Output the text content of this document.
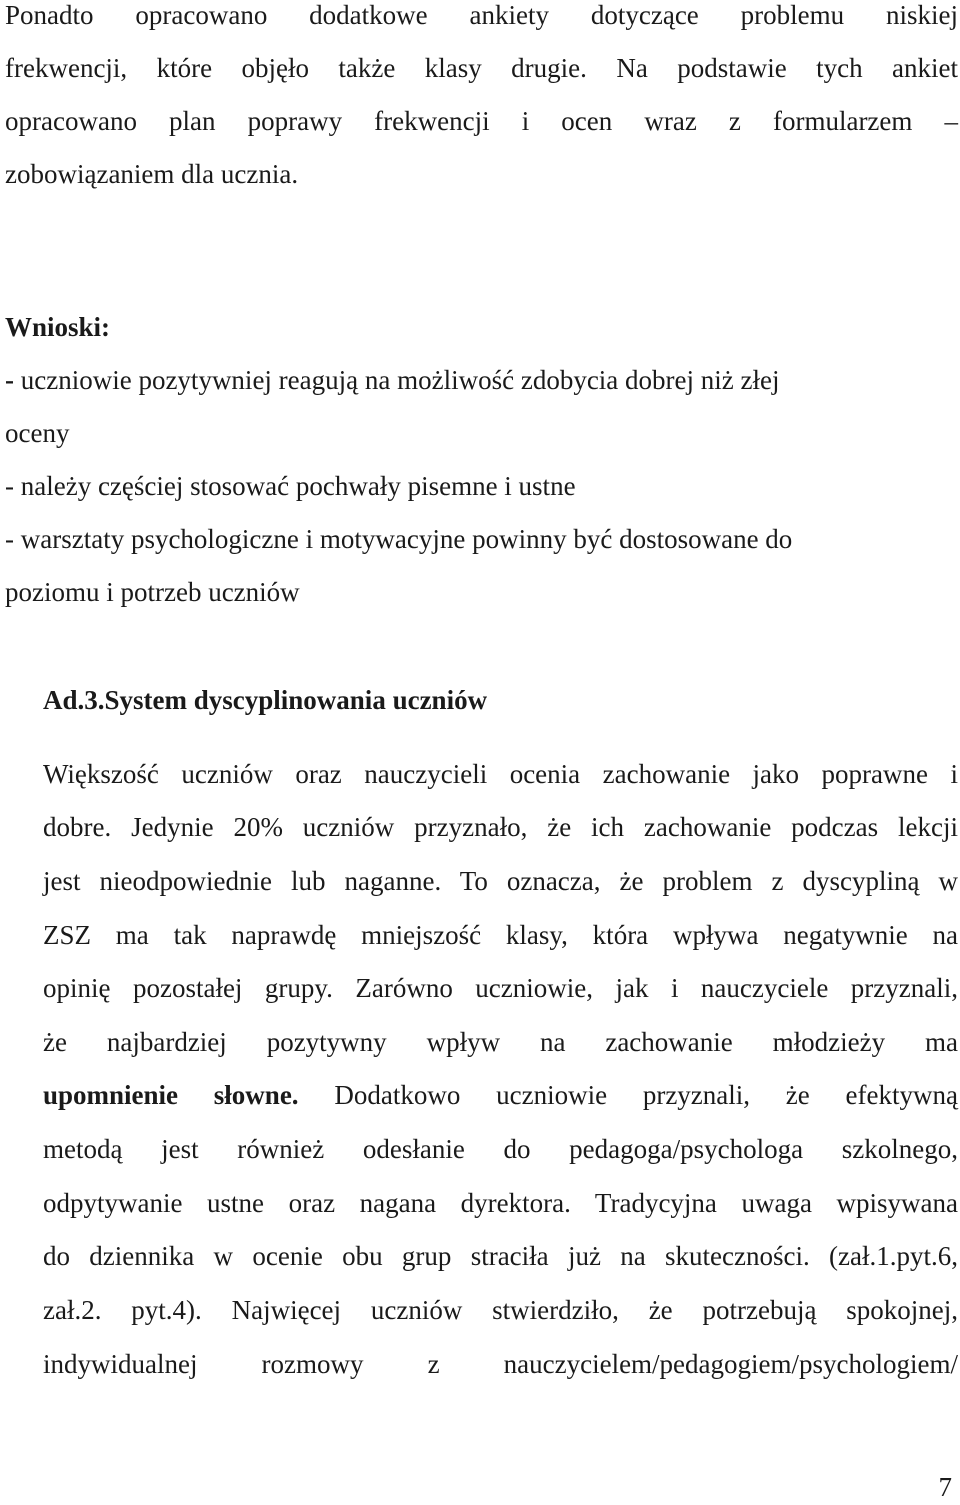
Ponadto opracowano dodatkowe ankiety dotyczące problemu niskiej
frekwencji, które objęło także klasy drugie. Na podstawie tych ankiet
opracowano plan poprawy frekwencji i ocen wraz z formularzem –
zobowiązaniem dla ucznia.
Wnioski:
- uczniowie pozytywniej reagują na możliwość zdobycia dobrej niż złej
oceny
- należy częściej stosować pochwały pisemne i ustne
- warsztaty psychologiczne i motywacyjne powinny być dostosowane do
poziomu i potrzeb uczniów
Ad.3.System dyscyplinowania uczniów
Większość uczniów oraz nauczycieli ocenia zachowanie jako poprawne i
dobre. Jedynie 20% uczniów przyznało, że ich zachowanie podczas lekcji
jest nieodpowiednie lub naganne. To oznacza, że problem z dyscypliną w
ZSZ ma tak naprawdę mniejszość klasy, która wpływa negatywnie na
opinię pozostałej grupy. Zarówno uczniowie, jak i nauczyciele przyznali,
że najbardziej pozytywny wpływ na zachowanie młodzieży ma
upomnienie słowne. Dodatkowo uczniowie przyznali, że efektywną
metodą jest również odesłanie do pedagoga/psychologa szkolnego,
odpytywanie ustne oraz nagana dyrektora. Tradycyjna uwaga wpisywana
do dziennika w ocenie obu grup straciła już na skuteczności. (zał.1.pyt.6,
zał.2. pyt.4). Najwięcej uczniów stwierdziło, że potrzebują spokojnej,
indywidualnej rozmowy z nauczycielem/pedagogiem/psychologiem/
7
